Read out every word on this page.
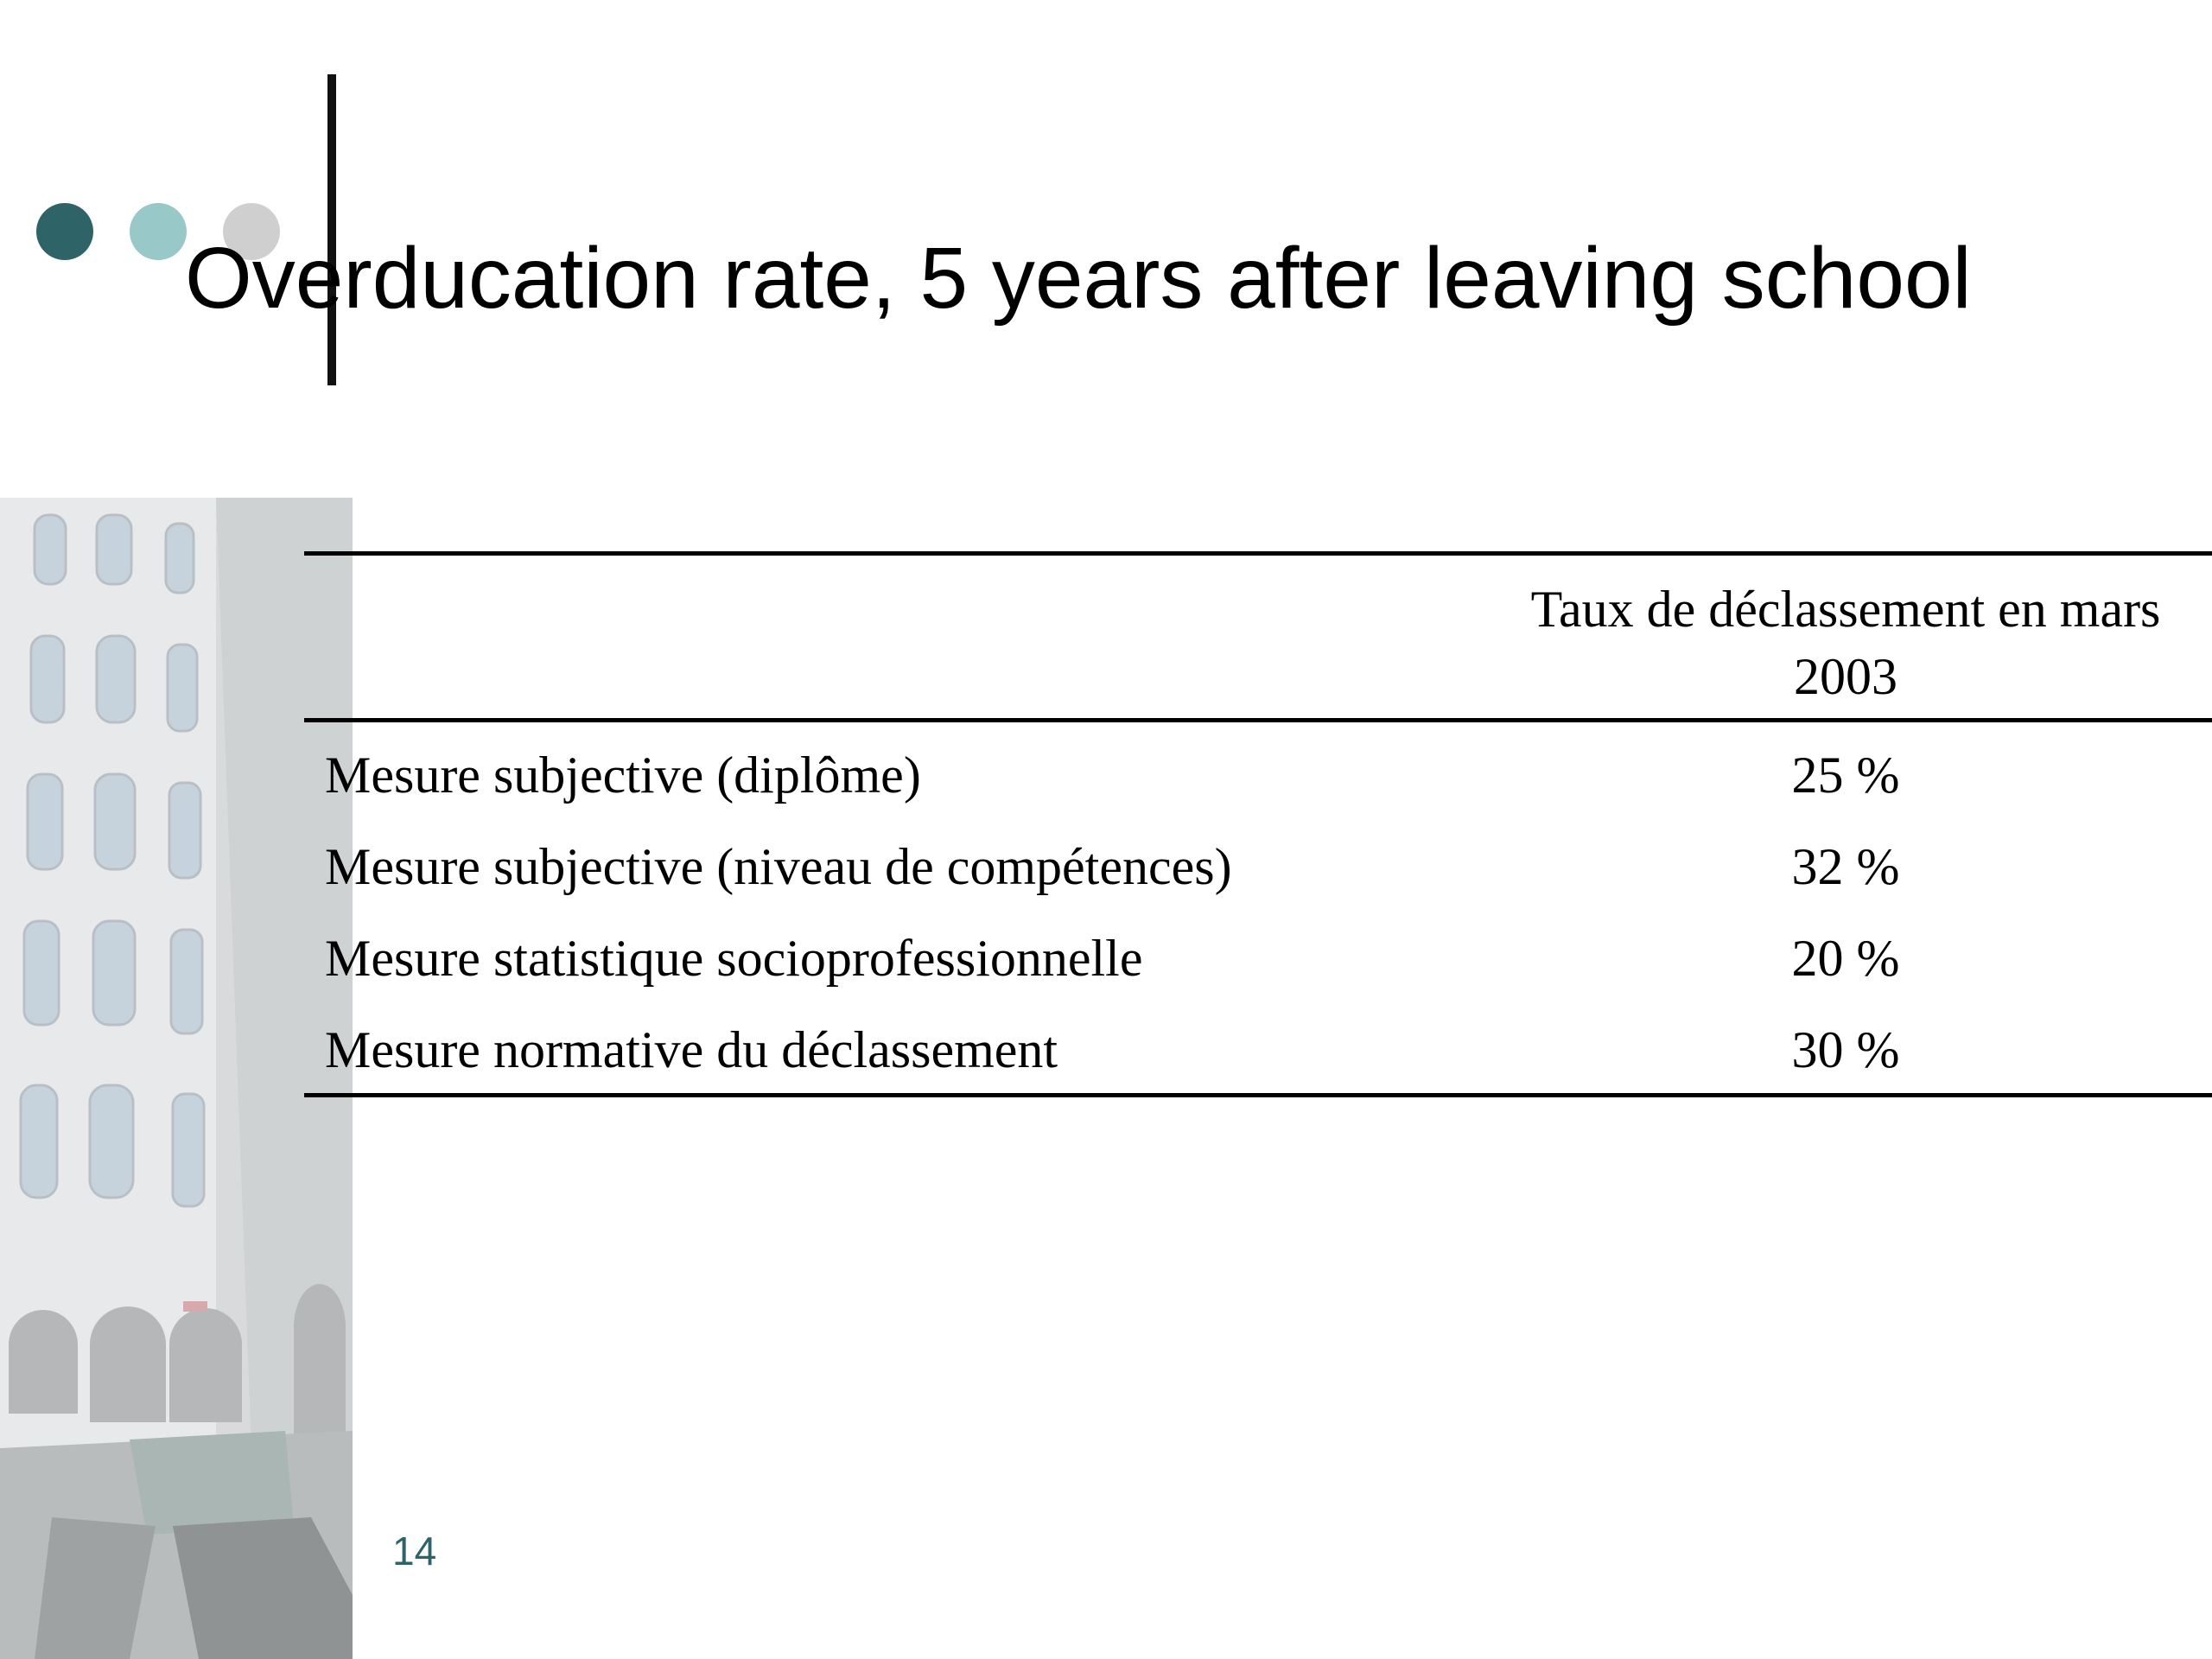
Overducation rate, 5 years after leaving school
Taux de déclassement en mars 2003
Mesure subjective (diplôme)	25 %
Mesure subjective (niveau de compétences)	32 %
Mesure statistique socioprofessionnelle	20 %
Mesure normative du déclassement	30 %
14
